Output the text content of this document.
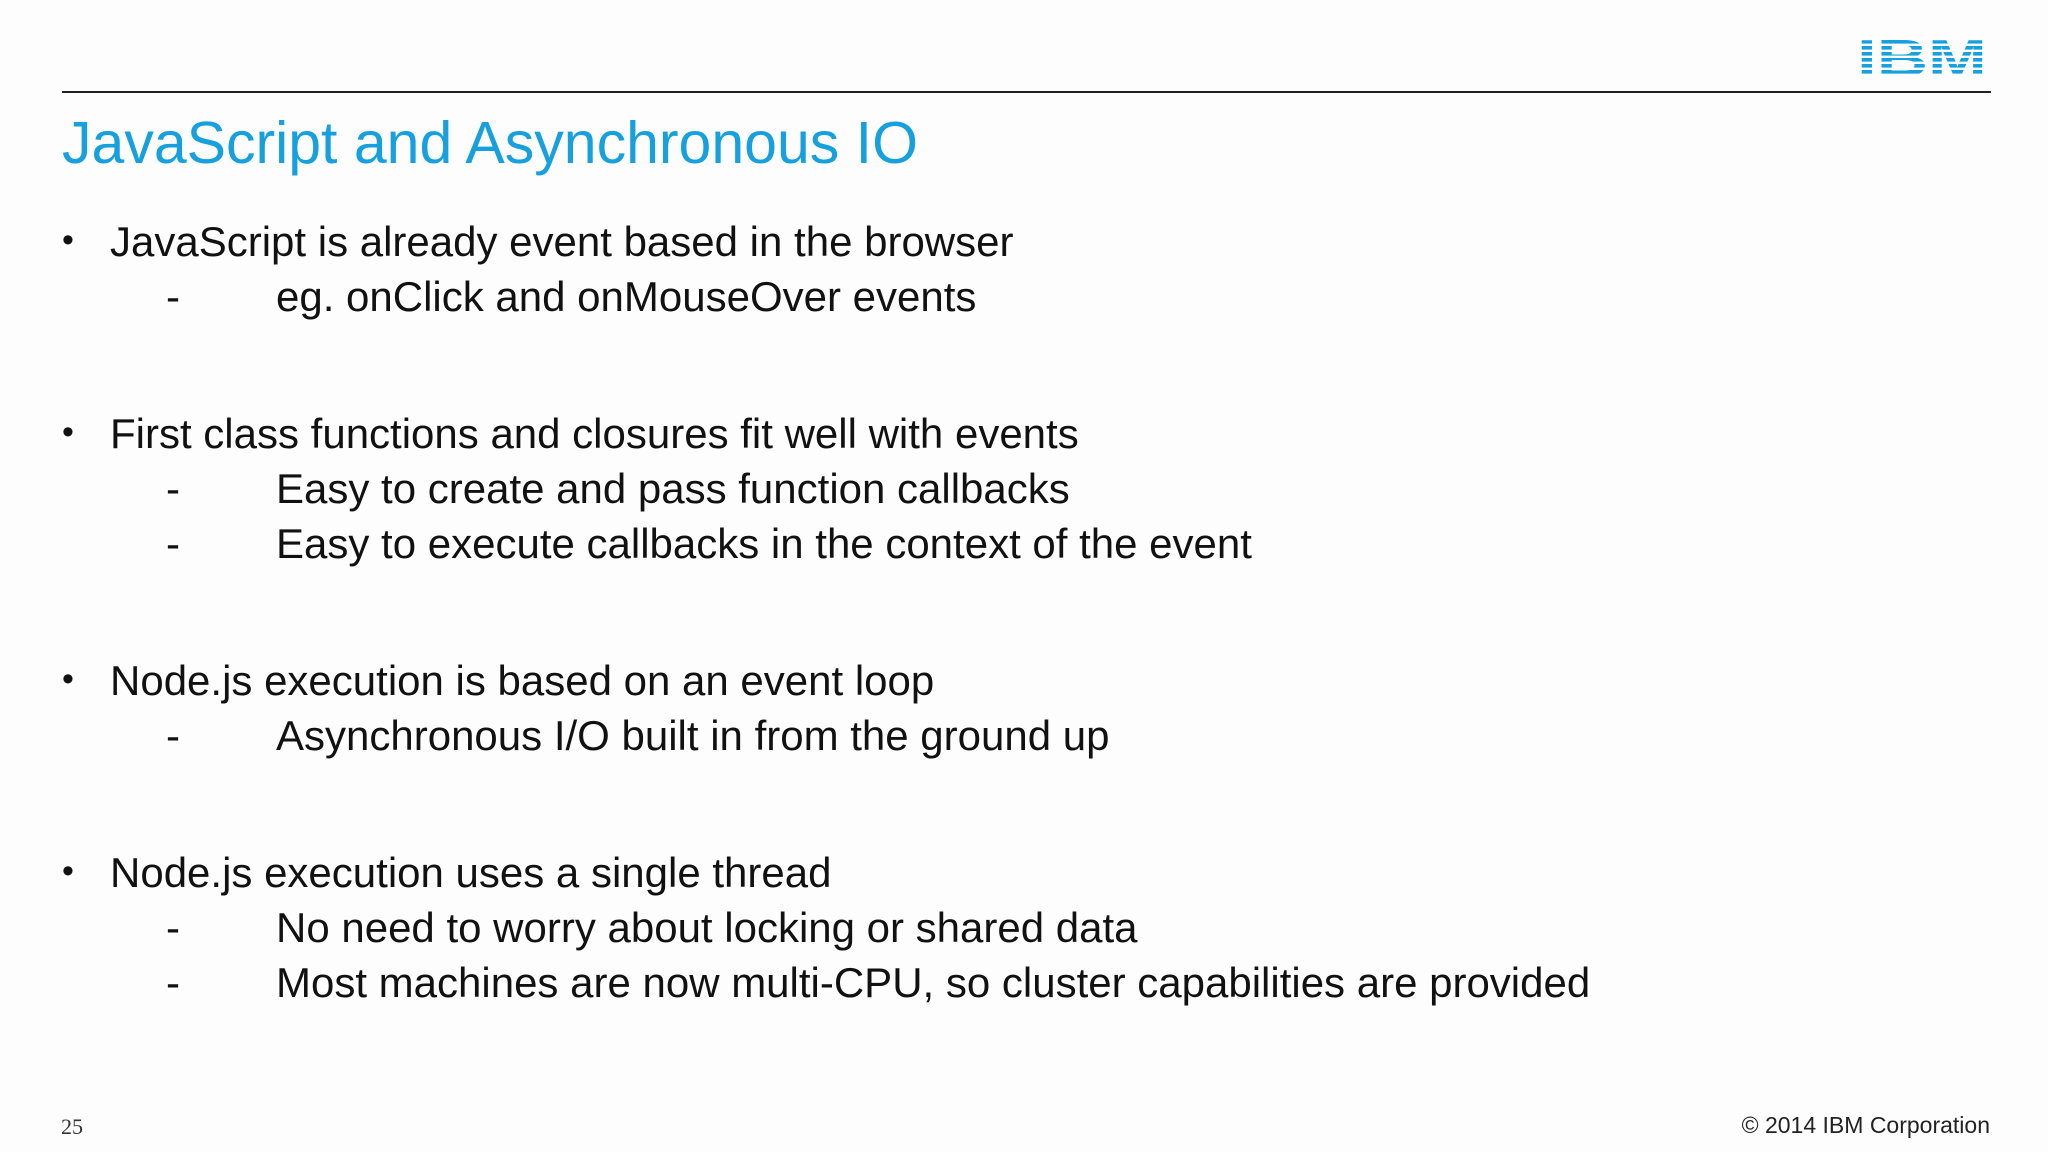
IBM
JavaScript and Asynchronous IO
• JavaScript is already event based in the browser
-	eg. onClick and onMouseOver events
• First class functions and closures fit well with events
-	Easy to create and pass function callbacks
-	Easy to execute callbacks in the context of the event
• Node.js execution is based on an event loop
-	Asynchronous I/O built in from the ground up
• Node.js execution uses a single thread
-	No need to worry about locking or shared data
-	Most machines are now multi-CPU, so cluster capabilities are provided
25	© 2014 IBM Corporation
